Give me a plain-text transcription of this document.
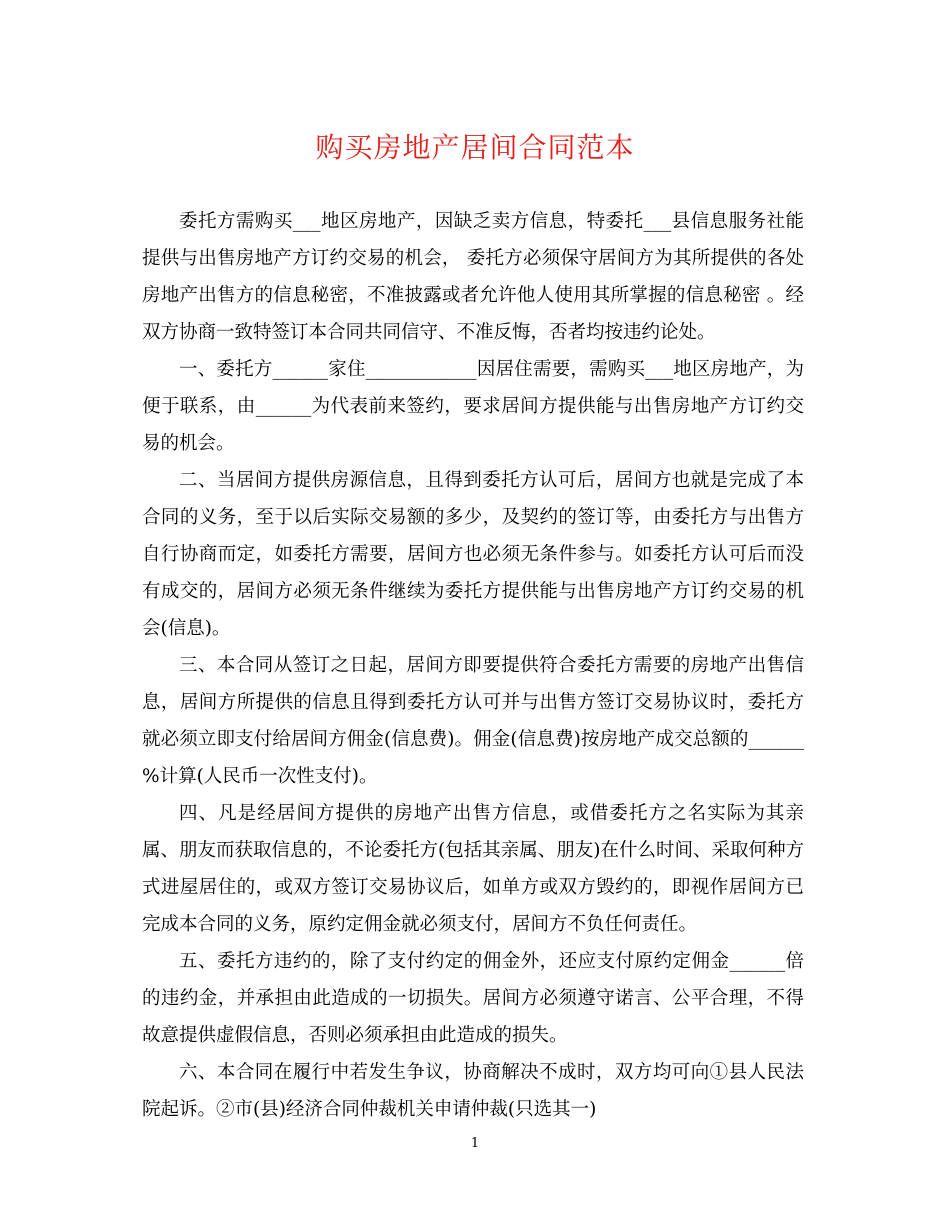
购买房地产居间合同范本

委托方需购买___地区房地产，因缺乏卖方信息，特委托___县信息服务社能提供与出售房地产方订约交易的机会， 委托方必须保守居间方为其所提供的各处房地产出售方的信息秘密，不准披露或者允许他人使用其所掌握的信息秘密 。经双方协商一致特签订本合同共同信守、不准反悔，否者均按违约论处。

一、委托方______家住____________因居住需要，需购买___地区房地产，为便于联系，由______为代表前来签约，要求居间方提供能与出售房地产方订约交易的机会。

二、当居间方提供房源信息，且得到委托方认可后，居间方也就是完成了本合同的义务，至于以后实际交易额的多少，及契约的签订等，由委托方与出售方自行协商而定，如委托方需要，居间方也必须无条件参与。如委托方认可后而没有成交的，居间方必须无条件继续为委托方提供能与出售房地产方订约交易的机会(信息)。

三、本合同从签订之日起，居间方即要提供符合委托方需要的房地产出售信息，居间方所提供的信息且得到委托方认可并与出售方签订交易协议时，委托方就必须立即支付给居间方佣金(信息费)。佣金(信息费)按房地产成交总额的______ %计算(人民币一次性支付)。

四、凡是经居间方提供的房地产出售方信息，或借委托方之名实际为其亲属、朋友而获取信息的，不论委托方(包括其亲属、朋友)在什么时间、采取何种方式进屋居住的，或双方签订交易协议后，如单方或双方毁约的，即视作居间方已完成本合同的义务，原约定佣金就必须支付，居间方不负任何责任。

五、委托方违约的，除了支付约定的佣金外，还应支付原约定佣金______倍的违约金，并承担由此造成的一切损失。居间方必须遵守诺言、公平合理，不得故意提供虚假信息，否则必须承担由此造成的损失。

六、本合同在履行中若发生争议，协商解决不成时，双方均可向①县人民法院起诉。②市(县)经济合同仲裁机关申请仲裁(只选其一)

1
